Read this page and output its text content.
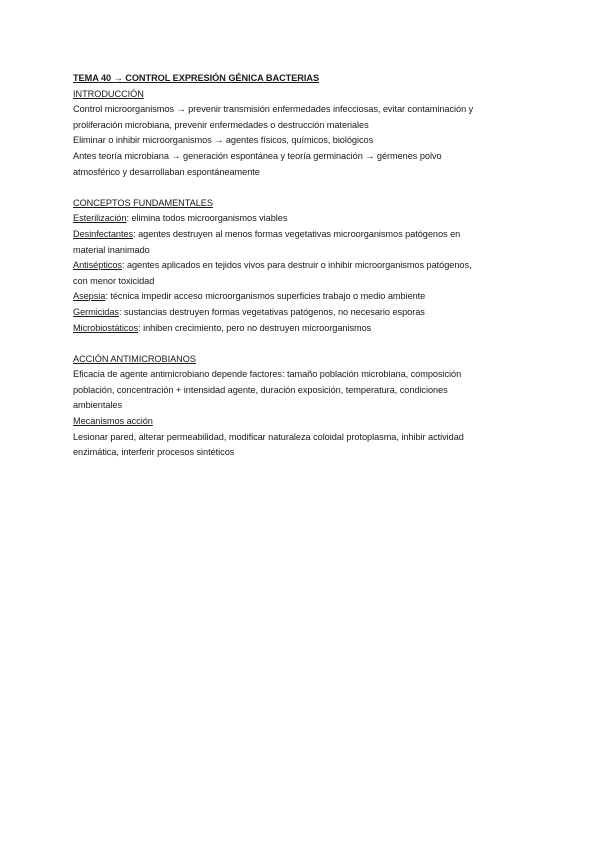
TEMA 40 → CONTROL EXPRESIÓN GÉNICA BACTERIAS
INTRODUCCIÓN
Control microorganismos → prevenir transmisión enfermedades infecciosas, evitar contaminación y
proliferación microbiana, prevenir enfermedades o destrucción materiales
Eliminar o inhibir microorganismos → agentes físicos, químicos, biológicos
Antes teoría microbiana → generación espontánea y teoría germinación → gérmenes polvo
atmosférico y desarrollaban espontáneamente
CONCEPTOS FUNDAMENTALES
Esterilización: elimina todos microorganismos viables
Desinfectantes: agentes destruyen al menos formas vegetativas microorganismos patógenos en
material inanimado
Antisépticos: agentes aplicados en tejidos vivos para destruir o inhibir microorganismos patógenos,
con menor toxicidad
Asepsia: técnica impedir acceso microorganismos superficies trabajo o medio ambiente
Germicidas: sustancias destruyen formas vegetativas patógenos, no necesario esporas
Microbiostáticos: inhiben crecimiento, pero no destruyen microorganismos
ACCIÓN ANTIMICROBIANOS
Eficacia de agente antimicrobiano depende factores: tamaño población microbiana, composición
población, concentración + intensidad agente, duración exposición, temperatura, condiciones
ambientales
Mecanismos acción
Lesionar pared, alterar permeabilidad, modificar naturaleza coloidal protoplasma, inhibir actividad
enzimática, interferir procesos sintéticos
